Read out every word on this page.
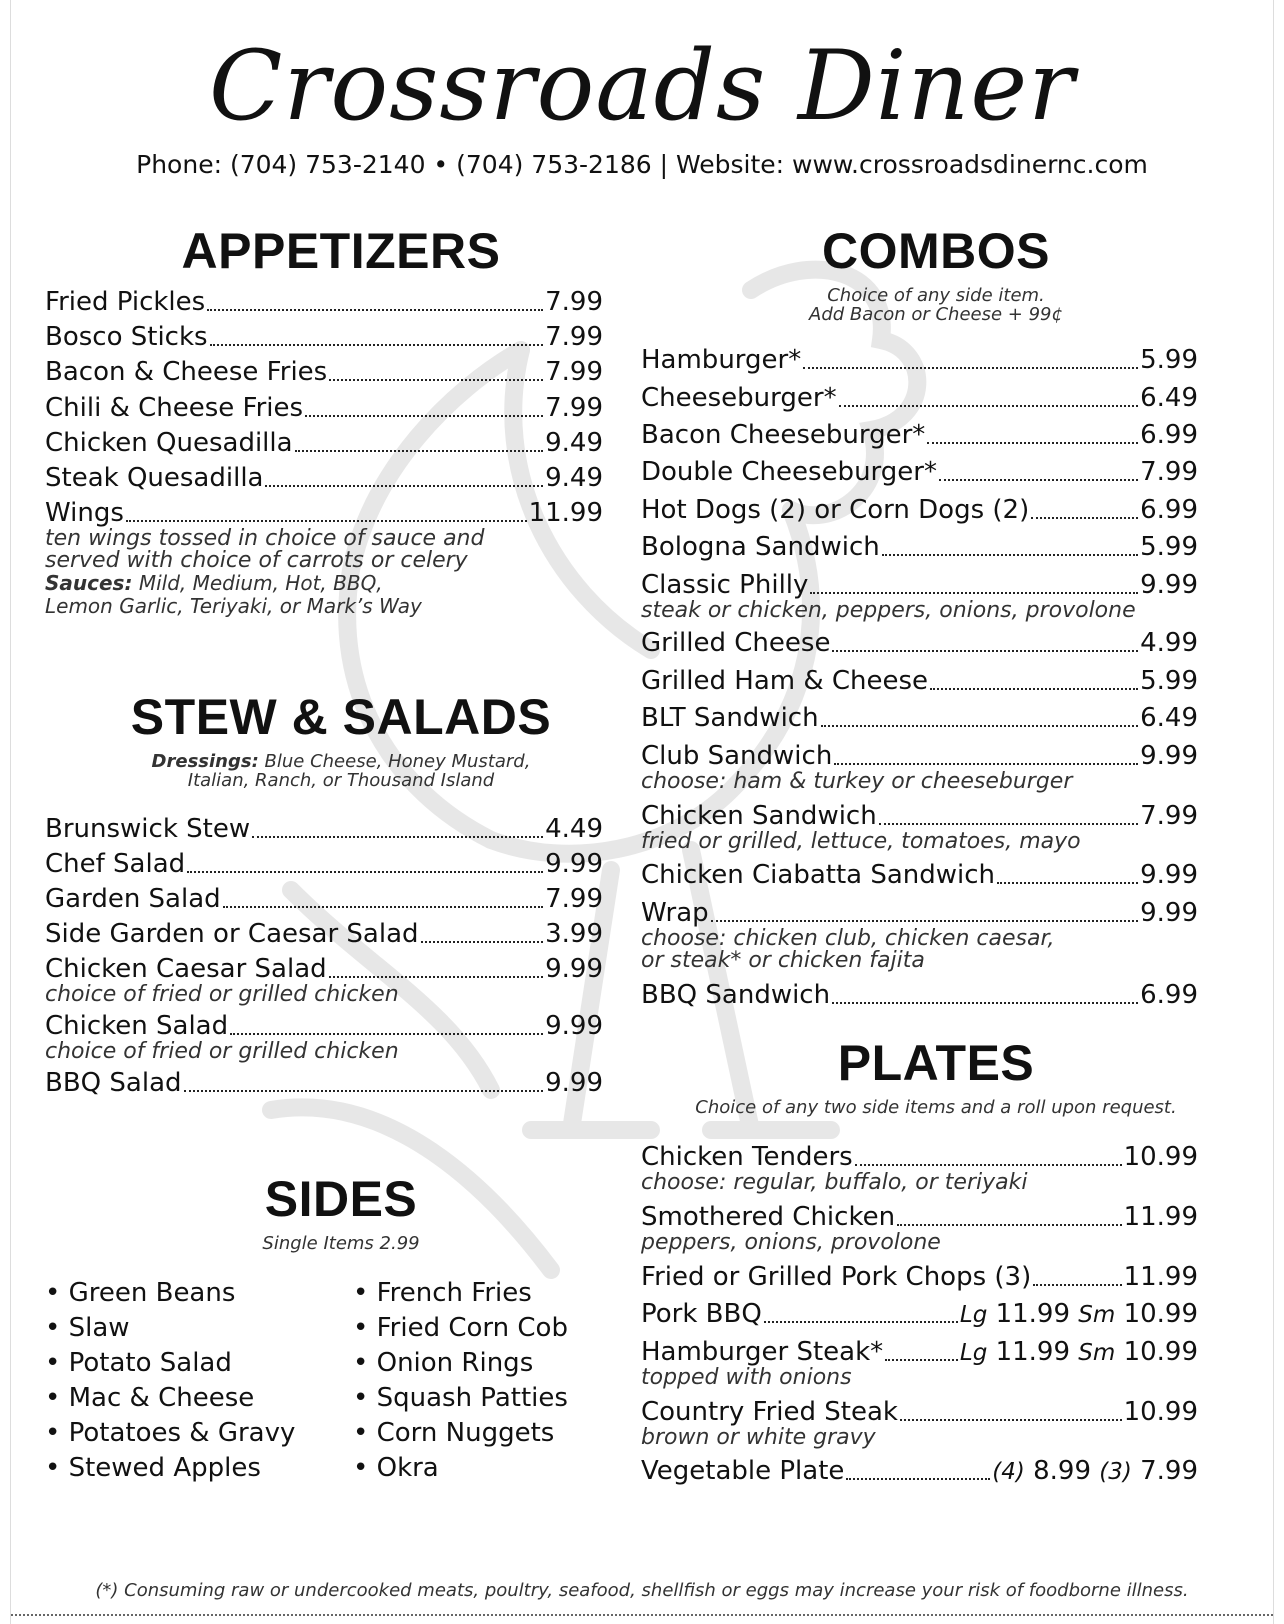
Crossroads Diner
Phone: (704) 753-2140 • (704) 753-2186 | Website: www.crossroadsdinernc.com
APPETIZERS
Fried Pickles	7.99
Bosco Sticks	7.99
Bacon & Cheese Fries	7.99
Chili & Cheese Fries	7.99
Chicken Quesadilla	9.49
Steak Quesadilla	9.49
Wings	11.99
ten wings tossed in choice of sauce and
served with choice of carrots or celery
Sauces: Mild, Medium, Hot, BBQ,
Lemon Garlic, Teriyaki, or Mark’s Way
STEW & SALADS
Dressings: Blue Cheese, Honey Mustard,
Italian, Ranch, or Thousand Island
Brunswick Stew	4.49
Chef Salad	9.99
Garden Salad	7.99
Side Garden or Caesar Salad	3.99
Chicken Caesar Salad	9.99
choice of fried or grilled chicken
Chicken Salad	9.99
choice of fried or grilled chicken
BBQ Salad	9.99
SIDES
Single Items 2.99
• Green Beans
• Slaw
• Potato Salad
• Mac & Cheese
• Potatoes & Gravy
• Stewed Apples
• French Fries
• Fried Corn Cob
• Onion Rings
• Squash Patties
• Corn Nuggets
• Okra
COMBOS
Choice of any side item.
Add Bacon or Cheese + 99¢
Hamburger*	5.99
Cheeseburger*	6.49
Bacon Cheeseburger*	6.99
Double Cheeseburger*	7.99
Hot Dogs (2) or Corn Dogs (2)	6.99
Bologna Sandwich	5.99
Classic Philly	9.99
steak or chicken, peppers, onions, provolone
Grilled Cheese	4.99
Grilled Ham & Cheese	5.99
BLT Sandwich	6.49
Club Sandwich	9.99
choose: ham & turkey or cheeseburger
Chicken Sandwich	7.99
fried or grilled, lettuce, tomatoes, mayo
Chicken Ciabatta Sandwich	9.99
Wrap	9.99
choose: chicken club, chicken caesar,
or steak* or chicken fajita
BBQ Sandwich	6.99
PLATES
Choice of any two side items and a roll upon request.
Chicken Tenders	10.99
choose: regular, buffalo, or teriyaki
Smothered Chicken	11.99
peppers, onions, provolone
Fried or Grilled Pork Chops (3)	11.99
Pork BBQ	Lg 11.99 Sm 10.99
Hamburger Steak*	Lg 11.99 Sm 10.99
topped with onions
Country Fried Steak	10.99
brown or white gravy
Vegetable Plate	(4) 8.99 (3) 7.99
(*) Consuming raw or undercooked meats, poultry, seafood, shellfish or eggs may increase your risk of foodborne illness.
